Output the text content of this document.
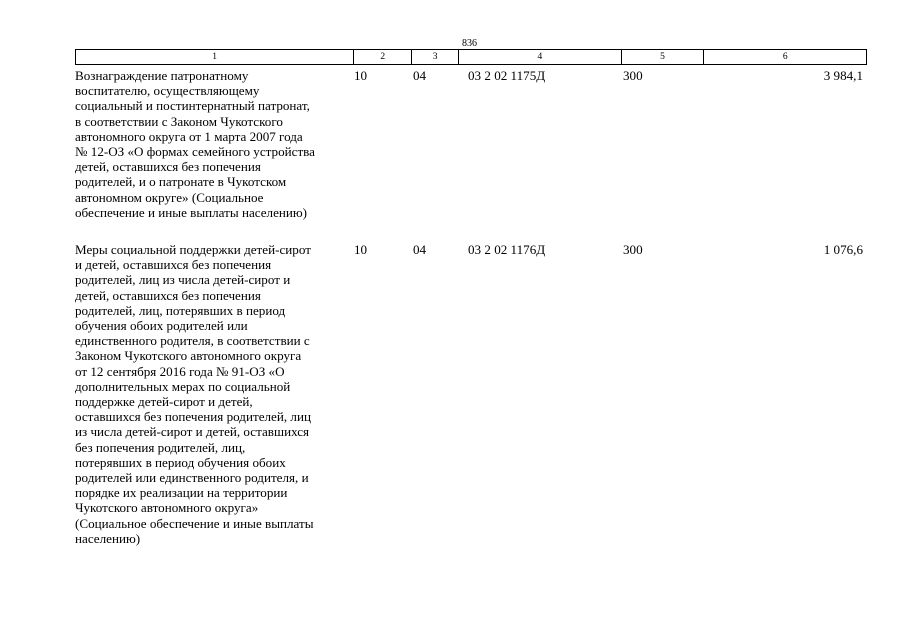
836
1	2	3	4	5	6
Вознаграждение патронатному
воспитателю, осуществляющему
социальный и постинтернатный патронат,
в соответствии с Законом Чукотского
автономного округа от 1 марта 2007 года
№ 12-ОЗ «О формах семейного устройства
детей, оставшихся без попечения
родителей, и о патронате в Чукотском
автономном округе» (Социальное
обеспечение и иные выплаты населению)
10	04	03 2 02 1175Д	300	3 984,1
Меры социальной поддержки детей-сирот
и детей, оставшихся без попечения
родителей, лиц из числа детей-сирот и
детей, оставшихся без попечения
родителей, лиц, потерявших в период
обучения обоих родителей или
единственного родителя, в соответствии с
Законом Чукотского автономного округа
от 12 сентября 2016 года № 91-ОЗ «О
дополнительных мерах по социальной
поддержке детей-сирот и детей,
оставшихся без попечения родителей, лиц
из числа детей-сирот и детей, оставшихся
без попечения родителей, лиц,
потерявших в период обучения обоих
родителей или единственного родителя, и
порядке их реализации на территории
Чукотского автономного округа»
(Социальное обеспечение и иные выплаты
населению)
10	04	03 2 02 1176Д	300	1 076,6
